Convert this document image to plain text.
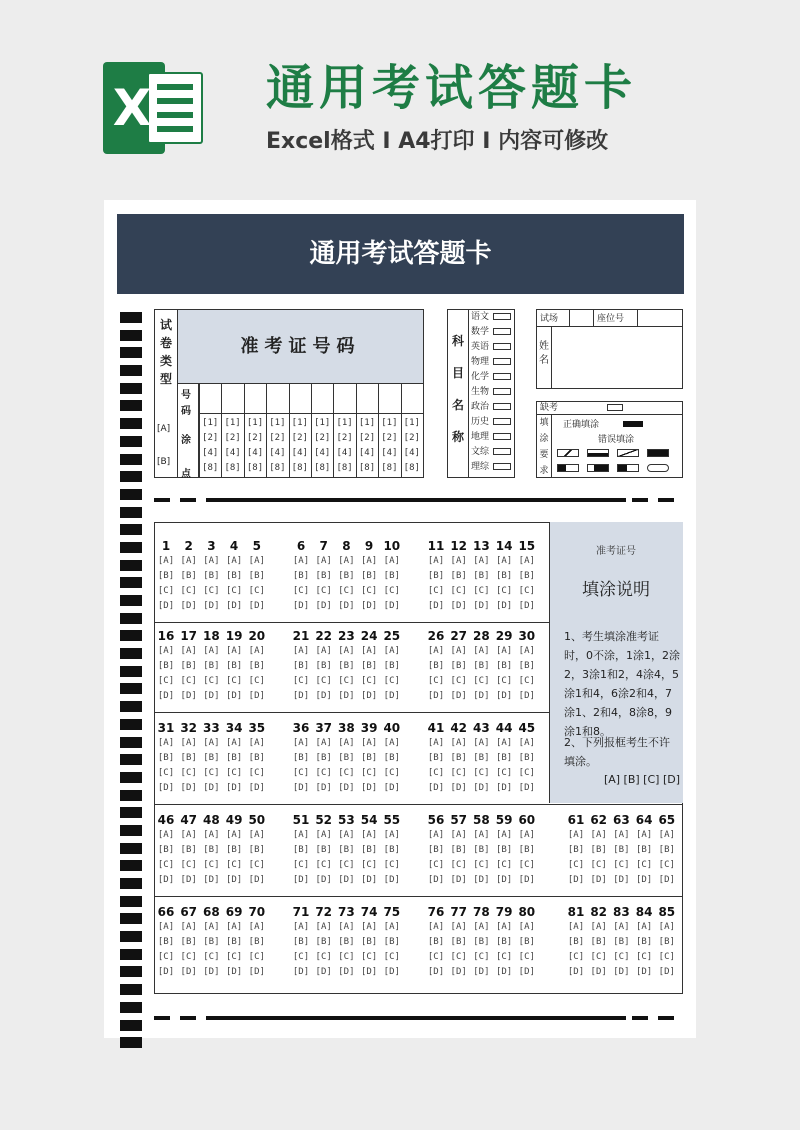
X 通用考试答题卡
Excel格式 Ⅰ A4打印 Ⅰ 内容可修改
通用考试答题卡
试
卷
类
型
[A]
[B]
准考证号码
号
码
涂
点
[1]
[2]
[4]
[8]
[1]
[2]
[4]
[8]
[1]
[2]
[4]
[8]
[1]
[2]
[4]
[8]
[1]
[2]
[4]
[8]
[1]
[2]
[4]
[8]
[1]
[2]
[4]
[8]
[1]
[2]
[4]
[8]
[1]
[2]
[4]
[8]
[1]
[2]
[4]
[8]
科
目
名
称
语文
数学
英语
物理
化学
生物
政治
历史
地理
文综
理综
试场	座位号
姓
名
缺考
填
涂
要
求
正确填涂
错误填涂
准考证号
填涂说明
1、考生填涂准考证时，0不涂，1涂1，2涂2，3涂1和2，4涂4，5涂1和4，6涂2和4，7涂1、2和4，8涂8，9涂1和8。
2、下列报框考生不许填涂。
[A] [B] [C] [D]
1
[A]
[B]
[C]
[D]
2
[A]
[B]
[C]
[D]
3
[A]
[B]
[C]
[D]
4
[A]
[B]
[C]
[D]
5
[A]
[B]
[C]
[D]
6
[A]
[B]
[C]
[D]
7
[A]
[B]
[C]
[D]
8
[A]
[B]
[C]
[D]
9
[A]
[B]
[C]
[D]
10
[A]
[B]
[C]
[D]
11
[A]
[B]
[C]
[D]
12
[A]
[B]
[C]
[D]
13
[A]
[B]
[C]
[D]
14
[A]
[B]
[C]
[D]
15
[A]
[B]
[C]
[D]
16
[A]
[B]
[C]
[D]
17
[A]
[B]
[C]
[D]
18
[A]
[B]
[C]
[D]
19
[A]
[B]
[C]
[D]
20
[A]
[B]
[C]
[D]
21
[A]
[B]
[C]
[D]
22
[A]
[B]
[C]
[D]
23
[A]
[B]
[C]
[D]
24
[A]
[B]
[C]
[D]
25
[A]
[B]
[C]
[D]
26
[A]
[B]
[C]
[D]
27
[A]
[B]
[C]
[D]
28
[A]
[B]
[C]
[D]
29
[A]
[B]
[C]
[D]
30
[A]
[B]
[C]
[D]
31
[A]
[B]
[C]
[D]
32
[A]
[B]
[C]
[D]
33
[A]
[B]
[C]
[D]
34
[A]
[B]
[C]
[D]
35
[A]
[B]
[C]
[D]
36
[A]
[B]
[C]
[D]
37
[A]
[B]
[C]
[D]
38
[A]
[B]
[C]
[D]
39
[A]
[B]
[C]
[D]
40
[A]
[B]
[C]
[D]
41
[A]
[B]
[C]
[D]
42
[A]
[B]
[C]
[D]
43
[A]
[B]
[C]
[D]
44
[A]
[B]
[C]
[D]
45
[A]
[B]
[C]
[D]
46
[A]
[B]
[C]
[D]
47
[A]
[B]
[C]
[D]
48
[A]
[B]
[C]
[D]
49
[A]
[B]
[C]
[D]
50
[A]
[B]
[C]
[D]
51
[A]
[B]
[C]
[D]
52
[A]
[B]
[C]
[D]
53
[A]
[B]
[C]
[D]
54
[A]
[B]
[C]
[D]
55
[A]
[B]
[C]
[D]
56
[A]
[B]
[C]
[D]
57
[A]
[B]
[C]
[D]
58
[A]
[B]
[C]
[D]
59
[A]
[B]
[C]
[D]
60
[A]
[B]
[C]
[D]
61
[A]
[B]
[C]
[D]
62
[A]
[B]
[C]
[D]
63
[A]
[B]
[C]
[D]
64
[A]
[B]
[C]
[D]
65
[A]
[B]
[C]
[D]
66
[A]
[B]
[C]
[D]
67
[A]
[B]
[C]
[D]
68
[A]
[B]
[C]
[D]
69
[A]
[B]
[C]
[D]
70
[A]
[B]
[C]
[D]
71
[A]
[B]
[C]
[D]
72
[A]
[B]
[C]
[D]
73
[A]
[B]
[C]
[D]
74
[A]
[B]
[C]
[D]
75
[A]
[B]
[C]
[D]
76
[A]
[B]
[C]
[D]
77
[A]
[B]
[C]
[D]
78
[A]
[B]
[C]
[D]
79
[A]
[B]
[C]
[D]
80
[A]
[B]
[C]
[D]
81
[A]
[B]
[C]
[D]
82
[A]
[B]
[C]
[D]
83
[A]
[B]
[C]
[D]
84
[A]
[B]
[C]
[D]
85
[A]
[B]
[C]
[D]
